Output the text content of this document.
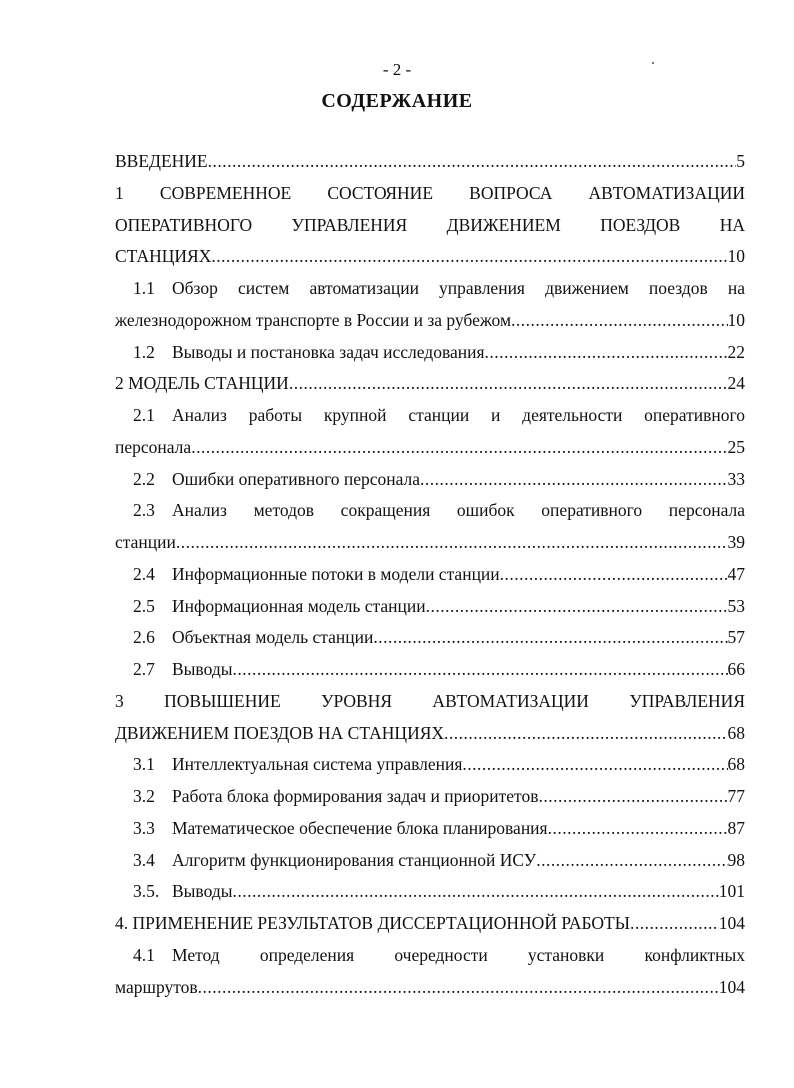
- 2 -
СОДЕРЖАНИЕ
ВВЕДЕНИЕ .....	5
1 СОВРЕМЕННОЕ СОСТОЯНИЕ ВОПРОСА АВТОМАТИЗАЦИИ
ОПЕРАТИВНОГО УПРАВЛЕНИЯ ДВИЖЕНИЕМ ПОЕЗДОВ НА
СТАНЦИЯХ .....	10
1.1 Обзор систем автоматизации управления движением поездов на
железнодорожном транспорте в России и за рубежом .....	10
1.2 Выводы и постановка задач исследования .....	22
2 МОДЕЛЬ СТАНЦИИ .....	24
2.1 Анализ работы крупной станции и деятельности оперативного
персонала .....	25
2.2 Ошибки оперативного персонала .....	33
2.3 Анализ методов сокращения ошибок оперативного персонала
станции .....	39
2.4 Информационные потоки в модели станции .....	47
2.5 Информационная модель станции .....	53
2.6 Объектная модель станции .....	57
2.7 Выводы .....	66
3 ПОВЫШЕНИЕ УРОВНЯ АВТОМАТИЗАЦИИ УПРАВЛЕНИЯ
ДВИЖЕНИЕМ ПОЕЗДОВ НА СТАНЦИЯХ .....	68
3.1 Интеллектуальная система управления .....	68
3.2 Работа блока формирования задач и приоритетов .....	77
3.3 Математическое обеспечение блока планирования .....	87
3.4 Алгоритм функционирования станционной ИСУ .....	98
3.5. Выводы .....	101
4. ПРИМЕНЕНИЕ РЕЗУЛЬТАТОВ ДИССЕРТАЦИОННОЙ РАБОТЫ .....	104
4.1 Метод определения очередности установки конфликтных
маршрутов .....	104
